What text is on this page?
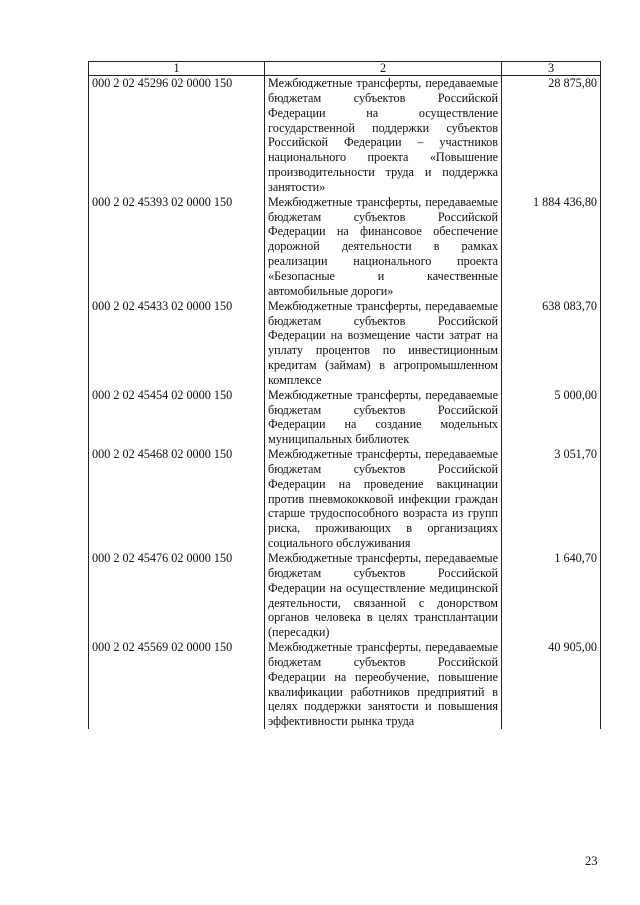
1	2	3
000 2 02 45296 02 0000 150	Межбюджетные трансферты, передаваемые бюджетам субъектов Российской Федерации на осуществление государственной поддержки субъектов Российской Федерации – участников национального проекта «Повышение производительности труда и поддержка занятости»	28 875,80
000 2 02 45393 02 0000 150	Межбюджетные трансферты, передаваемые бюджетам субъектов Российской Федерации на финансовое обеспечение дорожной деятельности в рамках реализации национального проекта «Безопасные и качественные автомобильные дороги»	1 884 436,80
000 2 02 45433 02 0000 150	Межбюджетные трансферты, передаваемые бюджетам субъектов Российской Федерации на возмещение части затрат на уплату процентов по инвестиционным кредитам (займам) в агропромышленном комплексе	638 083,70
000 2 02 45454 02 0000 150	Межбюджетные трансферты, передаваемые бюджетам субъектов Российской Федерации на создание модельных муниципальных библиотек	5 000,00
000 2 02 45468 02 0000 150	Межбюджетные трансферты, передаваемые бюджетам субъектов Российской Федерации на проведение вакцинации против пневмококковой инфекции граждан старше трудоспособного возраста из групп риска, проживающих в организациях социального обслуживания	3 051,70
000 2 02 45476 02 0000 150	Межбюджетные трансферты, передаваемые бюджетам субъектов Российской Федерации на осуществление медицинской деятельности, связанной с донорством органов человека в целях трансплантации (пересадки)	1 640,70
000 2 02 45569 02 0000 150	Межбюджетные трансферты, передаваемые бюджетам субъектов Российской Федерации на переобучение, повышение квалификации работников предприятий в целях поддержки занятости и повышения эффективности рынка труда	40 905,00
23
